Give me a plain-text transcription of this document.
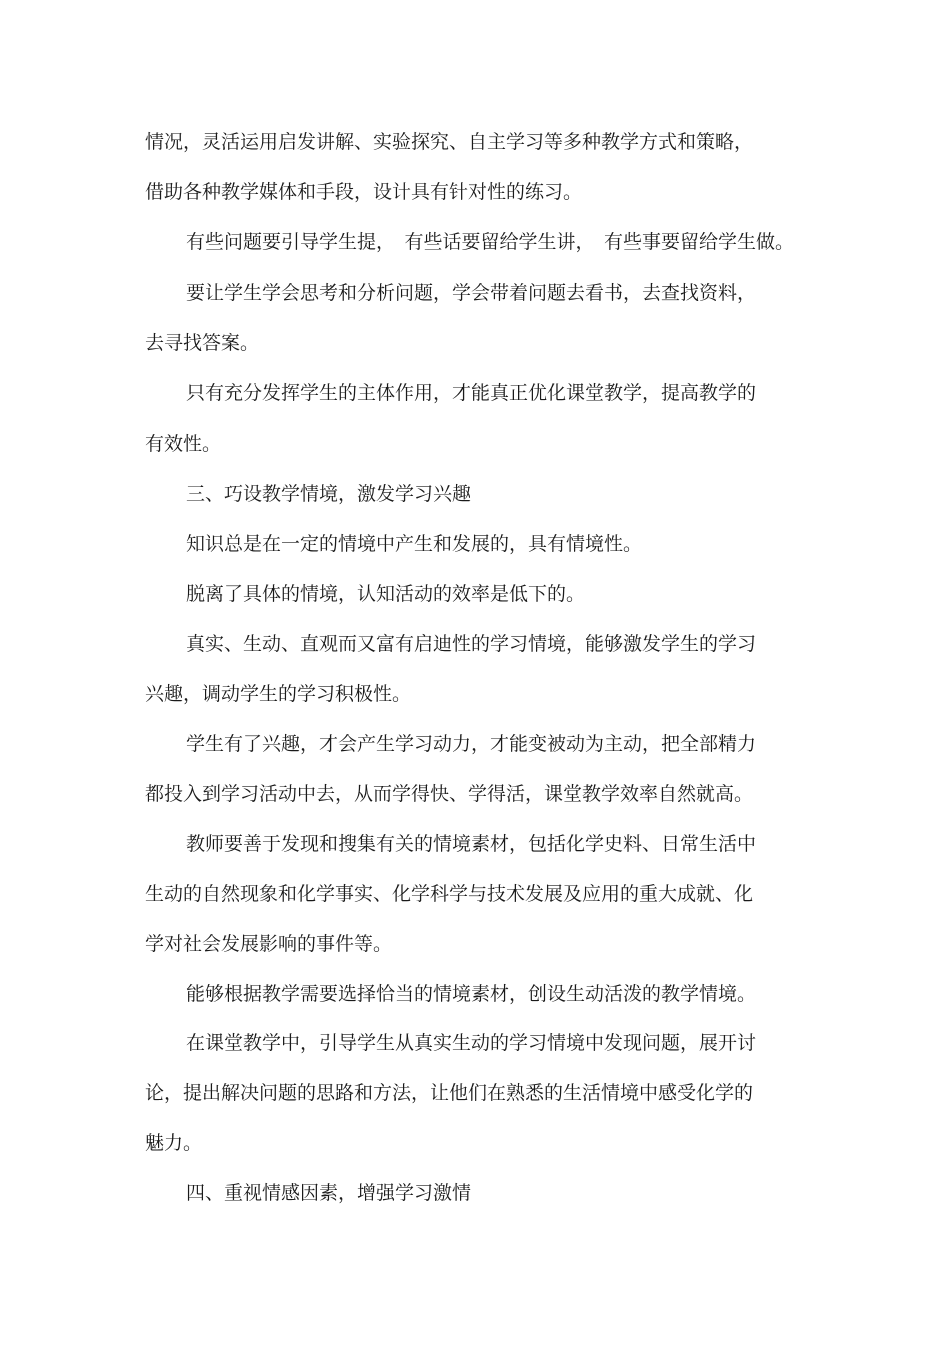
情况，灵活运用启发讲解、实验探究、自主学习等多种教学方式和策略，
借助各种教学媒体和手段，设计具有针对性的练习。
有些问题要引导学生提，　有些话要留给学生讲，　有些事要留给学生做。
要让学生学会思考和分析问题，学会带着问题去看书，去查找资料，
去寻找答案。
只有充分发挥学生的主体作用，才能真正优化课堂教学，提高教学的
有效性。
三、巧设教学情境，激发学习兴趣
知识总是在一定的情境中产生和发展的，具有情境性。
脱离了具体的情境，认知活动的效率是低下的。
真实、生动、直观而又富有启迪性的学习情境，能够激发学生的学习
兴趣，调动学生的学习积极性。
学生有了兴趣，才会产生学习动力，才能变被动为主动，把全部精力
都投入到学习活动中去，从而学得快、学得活，课堂教学效率自然就高。
教师要善于发现和搜集有关的情境素材，包括化学史料、日常生活中
生动的自然现象和化学事实、化学科学与技术发展及应用的重大成就、化
学对社会发展影响的事件等。
能够根据教学需要选择恰当的情境素材，创设生动活泼的教学情境。
在课堂教学中，引导学生从真实生动的学习情境中发现问题，展开讨
论，提出解决问题的思路和方法，让他们在熟悉的生活情境中感受化学的
魅力。
四、重视情感因素，增强学习激情
